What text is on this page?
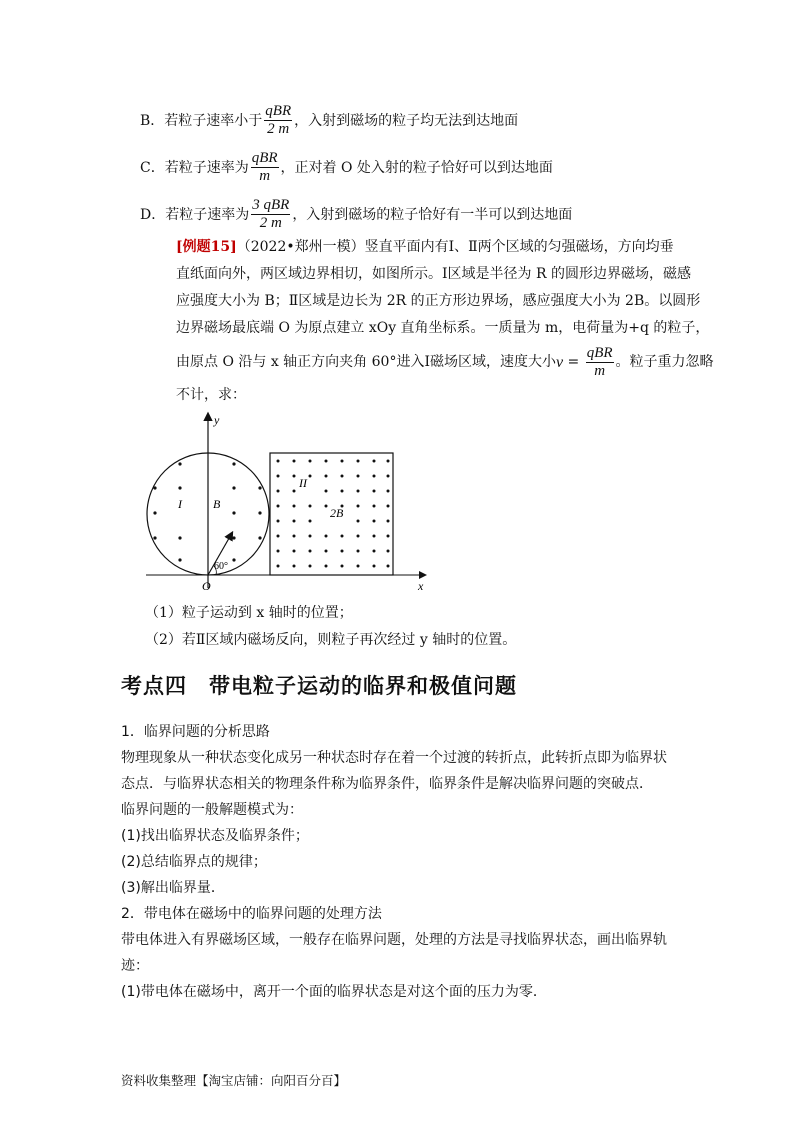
B．若粒子速率小于 $\frac{\text{qBR}}{2 m}$ ，入射到磁场的粒子均无法到达地面
C．若粒子速率为 $\frac{\text{qBR}}{m}$ ，正对着 O 处入射的粒子恰好可以到达地面
D．若粒子速率为 $\frac{\text{3 qBR}}{2 m}$ ，入射到磁场的粒子恰好有一半可以到达地面
[例题15]（2022•郑州一模）竖直平面内有Ⅰ、Ⅱ两个区域的匀强磁场，方向均垂
直纸面向外，两区域边界相切，如图所示。Ⅰ区域是半径为 R 的圆形边界磁场，磁感
应强度大小为 B；Ⅱ区域是边长为 2R 的正方形边界场，感应强度大小为 2B。以圆形
边界磁场最底端 O 为原点建立 xOy 直角坐标系。一质量为 m，电荷量为+q 的粒子，
由原点 O 沿与 x 轴正方向夹角 60°进入Ⅰ磁场区域，速度大小 $v = \frac{\text{qBR}}{m}$ 。粒子重力忽略
不计，求：
y
x
O
I	B
II
2B
60°
（1）粒子运动到 x 轴时的位置；
（2）若Ⅱ区域内磁场反向，则粒子再次经过 y 轴时的位置。
考点四　带电粒子运动的临界和极值问题
1．临界问题的分析思路
物理现象从一种状态变化成另一种状态时存在着一个过渡的转折点，此转折点即为临界状
态点．与临界状态相关的物理条件称为临界条件，临界条件是解决临界问题的突破点．
临界问题的一般解题模式为：
(1)找出临界状态及临界条件；
(2)总结临界点的规律；
(3)解出临界量．
2．带电体在磁场中的临界问题的处理方法
带电体进入有界磁场区域，一般存在临界问题，处理的方法是寻找临界状态，画出临界轨
迹：
(1)带电体在磁场中，离开一个面的临界状态是对这个面的压力为零．
资料收集整理【淘宝店铺：向阳百分百】
